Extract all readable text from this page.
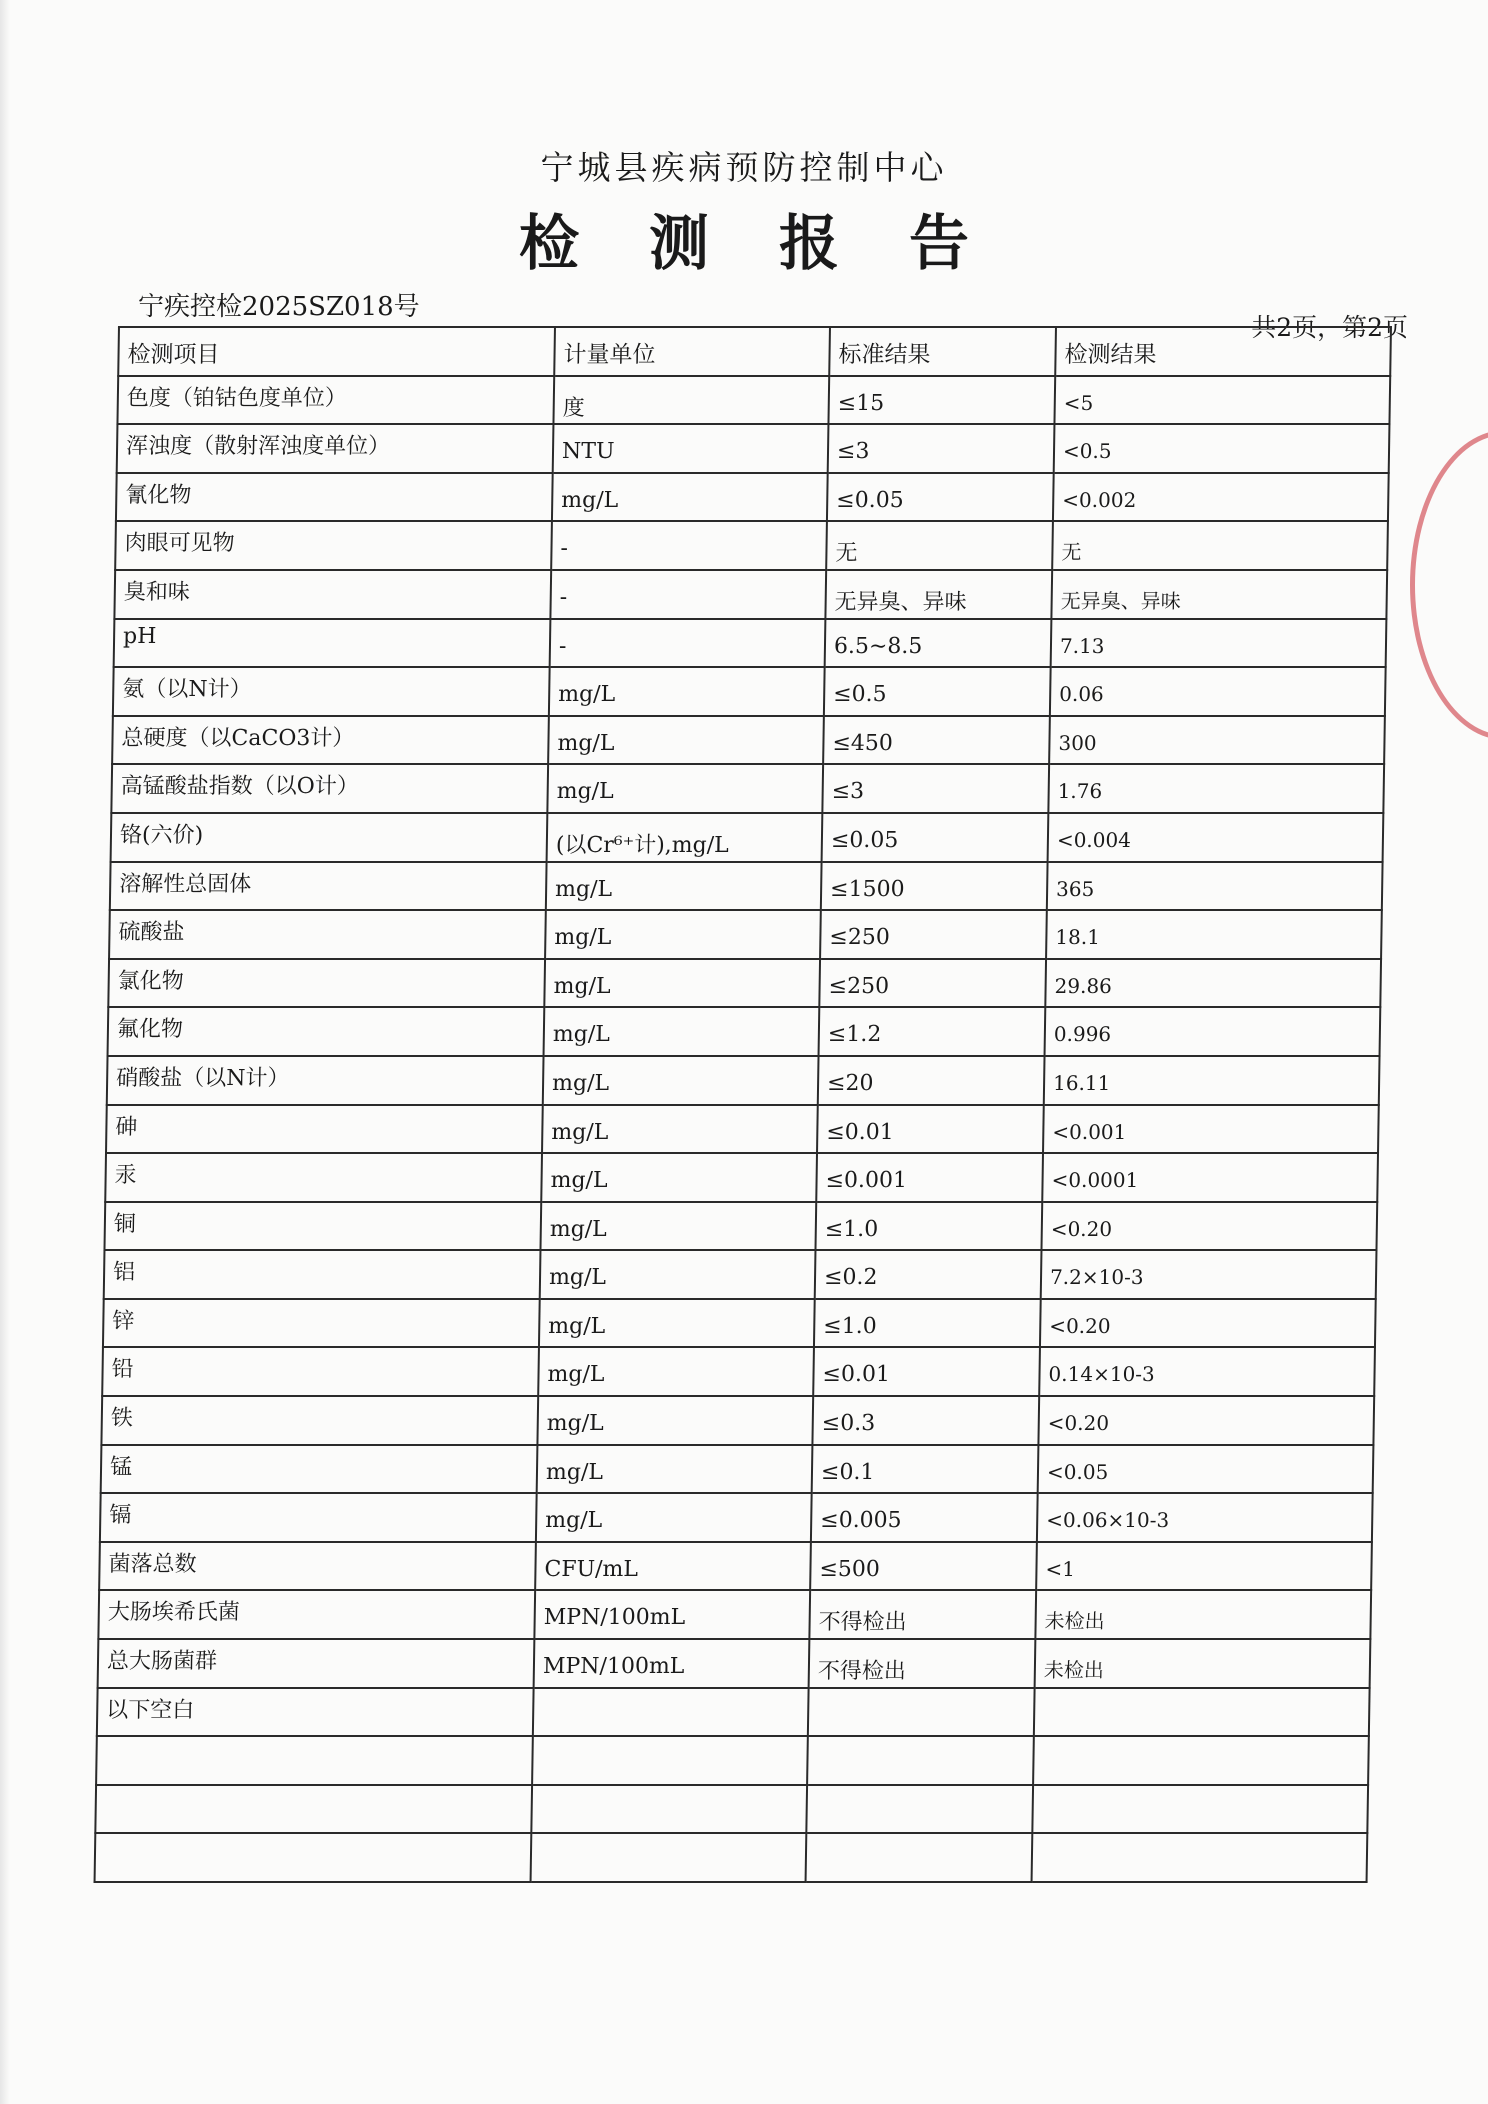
宁城县疾病预防控制中心
检测报告
宁疾控检2025SZ018号
共2页，第2页
检测项目	计量单位	标准结果	检测结果
色度（铂钴色度单位）	度	≤15	<5
浑浊度（散射浑浊度单位）	NTU	≤3	<0.5
氰化物	mg/L	≤0.05	<0.002
肉眼可见物	-	无	无
臭和味	-	无异臭、异味	无异臭、异味
pH	-	6.5~8.5	7.13
氨（以N计）	mg/L	≤0.5	0.06
总硬度（以CaCO3计）	mg/L	≤450	300
高锰酸盐指数（以O计）	mg/L	≤3	1.76
铬(六价)	(以Cr⁶⁺计),mg/L	≤0.05	<0.004
溶解性总固体	mg/L	≤1500	365
硫酸盐	mg/L	≤250	18.1
氯化物	mg/L	≤250	29.86
氟化物	mg/L	≤1.2	0.996
硝酸盐（以N计）	mg/L	≤20	16.11
砷	mg/L	≤0.01	<0.001
汞	mg/L	≤0.001	<0.0001
铜	mg/L	≤1.0	<0.20
铝	mg/L	≤0.2	7.2×10-3
锌	mg/L	≤1.0	<0.20
铅	mg/L	≤0.01	0.14×10-3
铁	mg/L	≤0.3	<0.20
锰	mg/L	≤0.1	<0.05
镉	mg/L	≤0.005	<0.06×10-3
菌落总数	CFU/mL	≤500	<1
大肠埃希氏菌	MPN/100mL	不得检出	未检出
总大肠菌群	MPN/100mL	不得检出	未检出
以下空白			
